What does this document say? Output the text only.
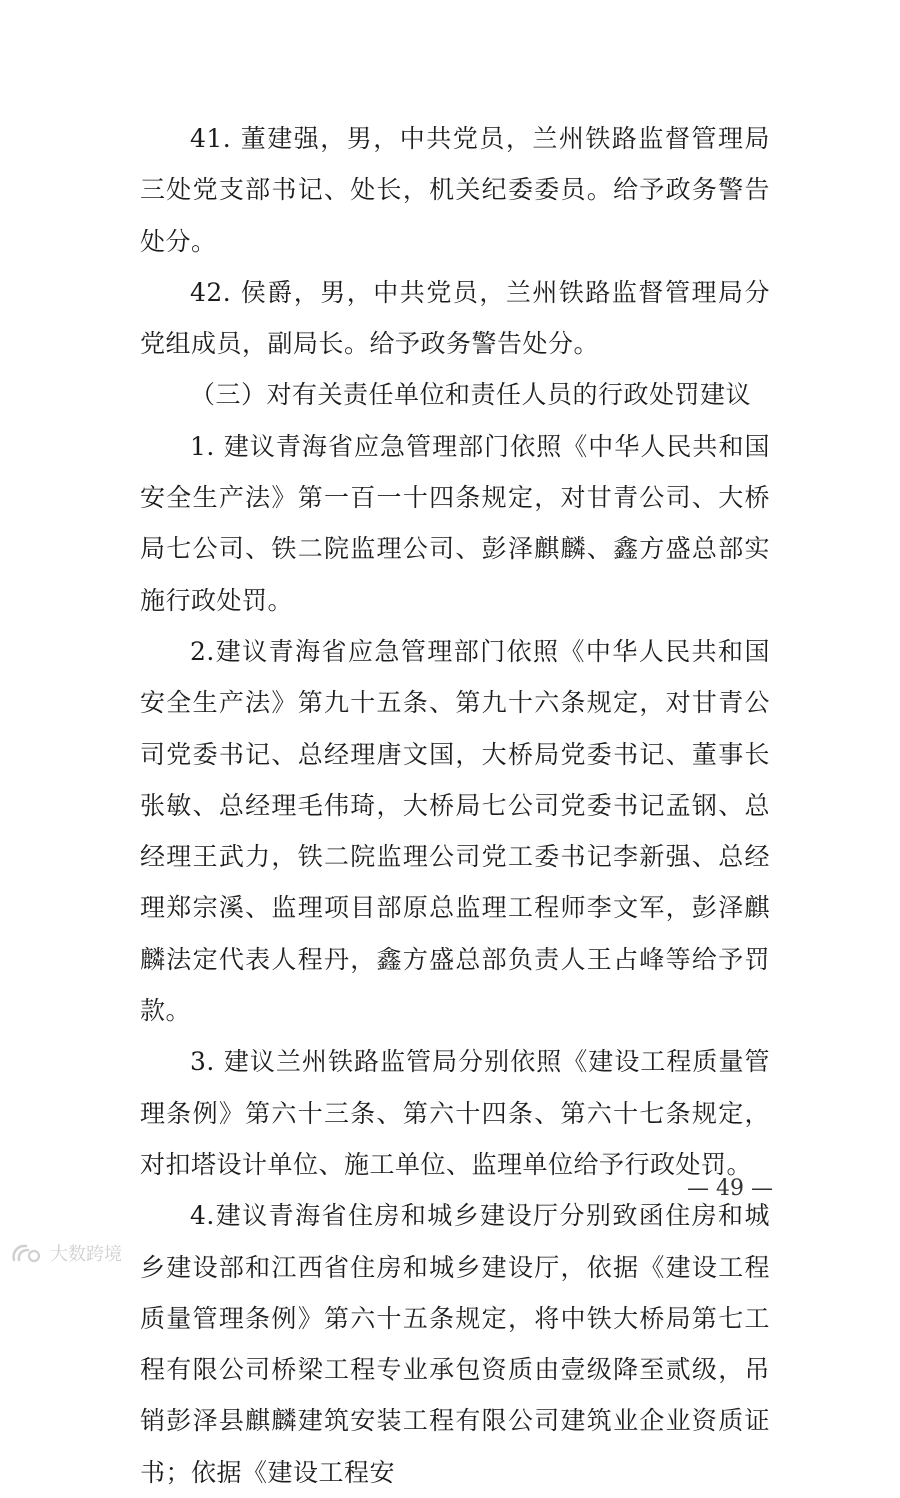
41. 董建强，男，中共党员，兰州铁路监督管理局三处党支部书记、处长，机关纪委委员。给予政务警告处分。

42. 侯爵，男，中共党员，兰州铁路监督管理局分党组成员，副局长。给予政务警告处分。

（三）对有关责任单位和责任人员的行政处罚建议

1. 建议青海省应急管理部门依照《中华人民共和国安全生产法》第一百一十四条规定，对甘青公司、大桥局七公司、铁二院监理公司、彭泽麒麟、鑫方盛总部实施行政处罚。

2.建议青海省应急管理部门依照《中华人民共和国安全生产法》第九十五条、第九十六条规定，对甘青公司党委书记、总经理唐文国，大桥局党委书记、董事长张敏、总经理毛伟琦，大桥局七公司党委书记孟钢、总经理王武力，铁二院监理公司党工委书记李新强、总经理郑宗溪、监理项目部原总监理工程师李文军，彭泽麒麟法定代表人程丹，鑫方盛总部负责人王占峰等给予罚款。

3. 建议兰州铁路监管局分别依照《建设工程质量管理条例》第六十三条、第六十四条、第六十七条规定，对扣塔设计单位、施工单位、监理单位给予行政处罚。

4.建议青海省住房和城乡建设厅分别致函住房和城乡建设部和江西省住房和城乡建设厅，依据《建设工程质量管理条例》第六十五条规定，将中铁大桥局第七工程有限公司桥梁工程专业承包资质由壹级降至贰级，吊销彭泽县麒麟建筑安装工程有限公司建筑业企业资质证书；依据《建设工程安

— 49 —
大数跨境
